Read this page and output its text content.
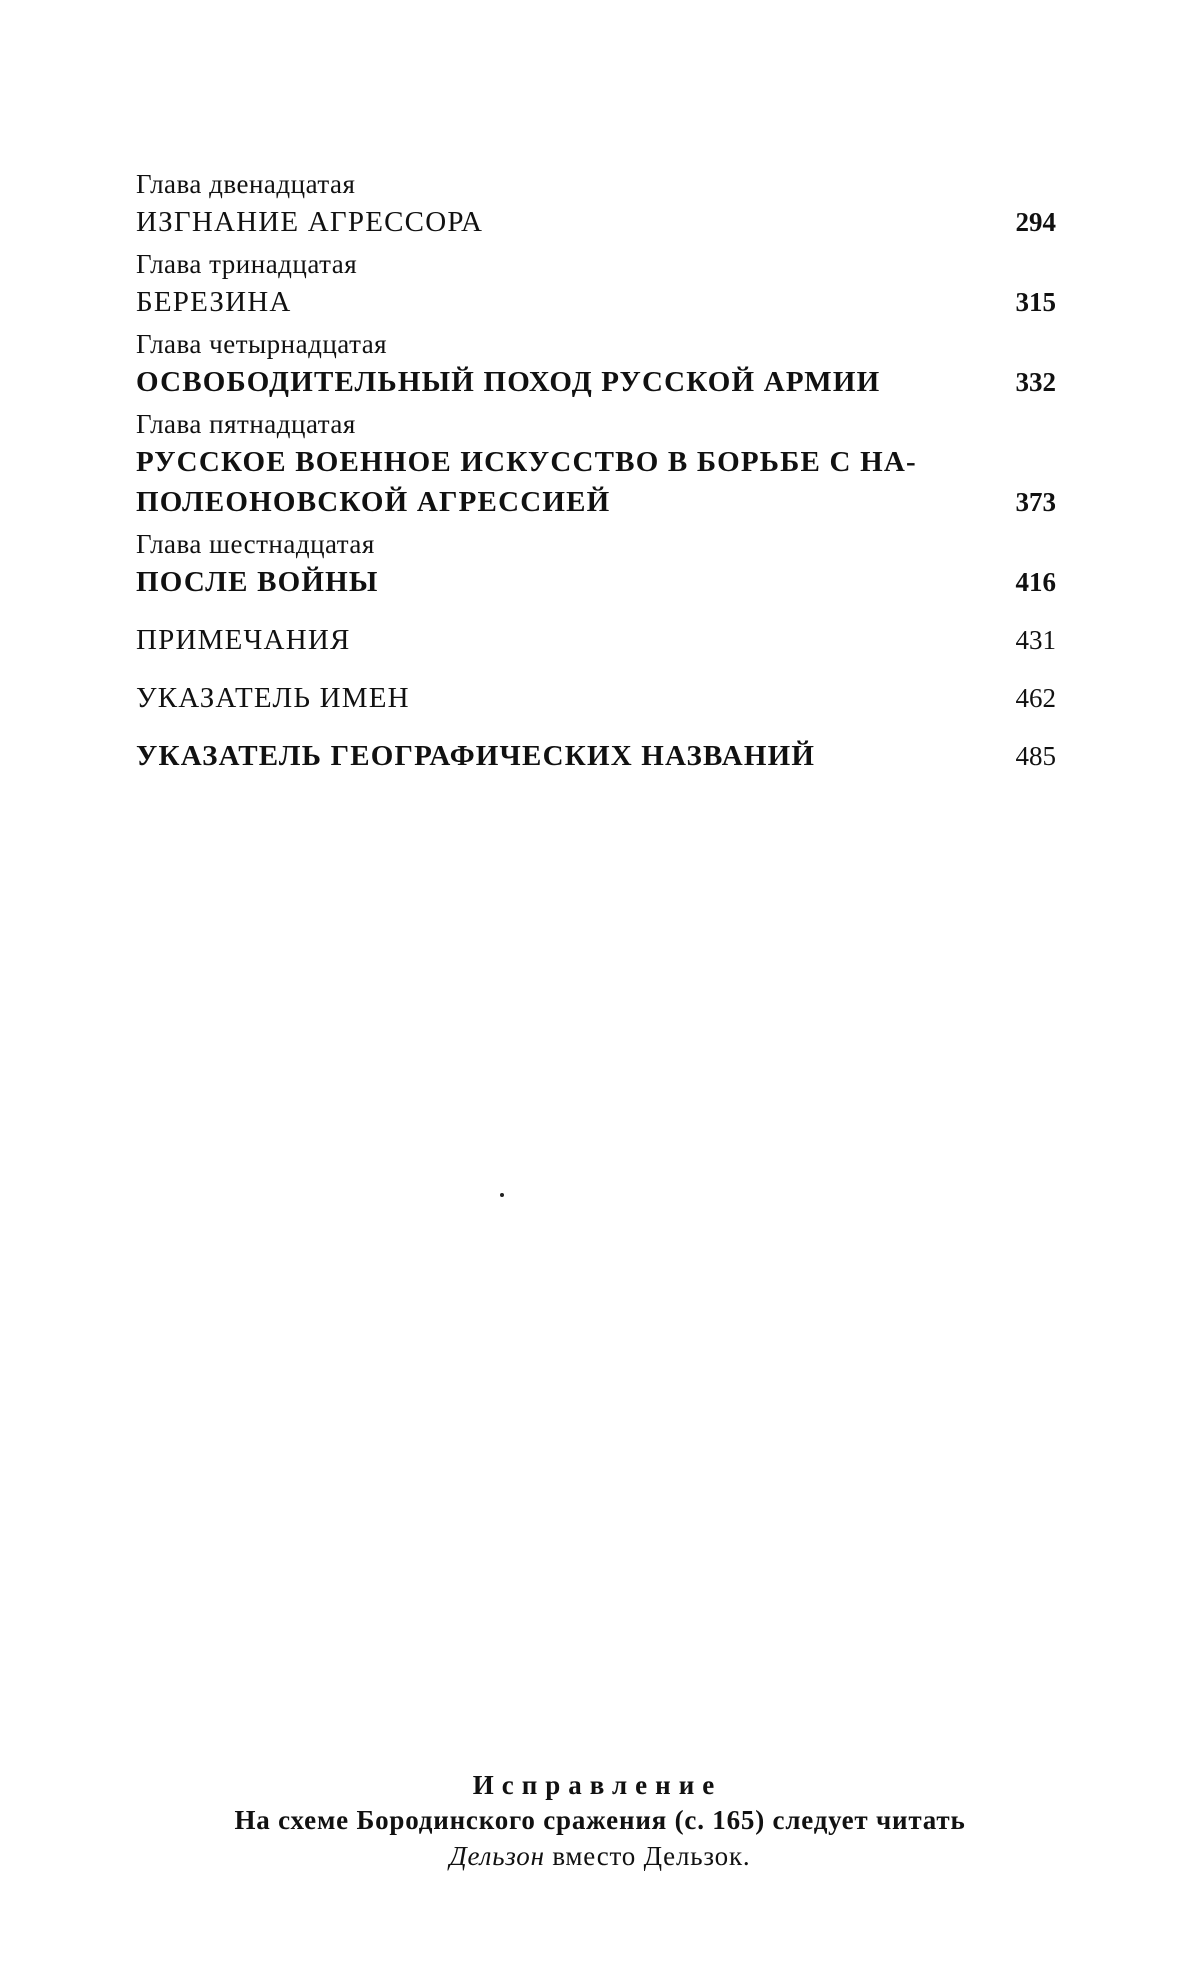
Глава двенадцатая
ИЗГНАНИЕ АГРЕССОРА	294
Глава тринадцатая
БЕРЕЗИНА	315
Глава четырнадцатая
ОСВОБОДИТЕЛЬНЫЙ ПОХОД РУССКОЙ АРМИИ	332
Глава пятнадцатая
РУССКОЕ ВОЕННОЕ ИСКУССТВО В БОРЬБЕ С НА-
ПОЛЕОНОВСКОЙ АГРЕССИЕЙ	373
Глава шестнадцатая
ПОСЛЕ ВОЙНЫ	416
ПРИМЕЧАНИЯ	431
УКАЗАТЕЛЬ ИМЕН	462
УКАЗАТЕЛЬ ГЕОГРАФИЧЕСКИХ НАЗВАНИЙ	485
Исправление
На схеме Бородинского сражения (с. 165) следует читать
Дельзон вместо Дельзок.
